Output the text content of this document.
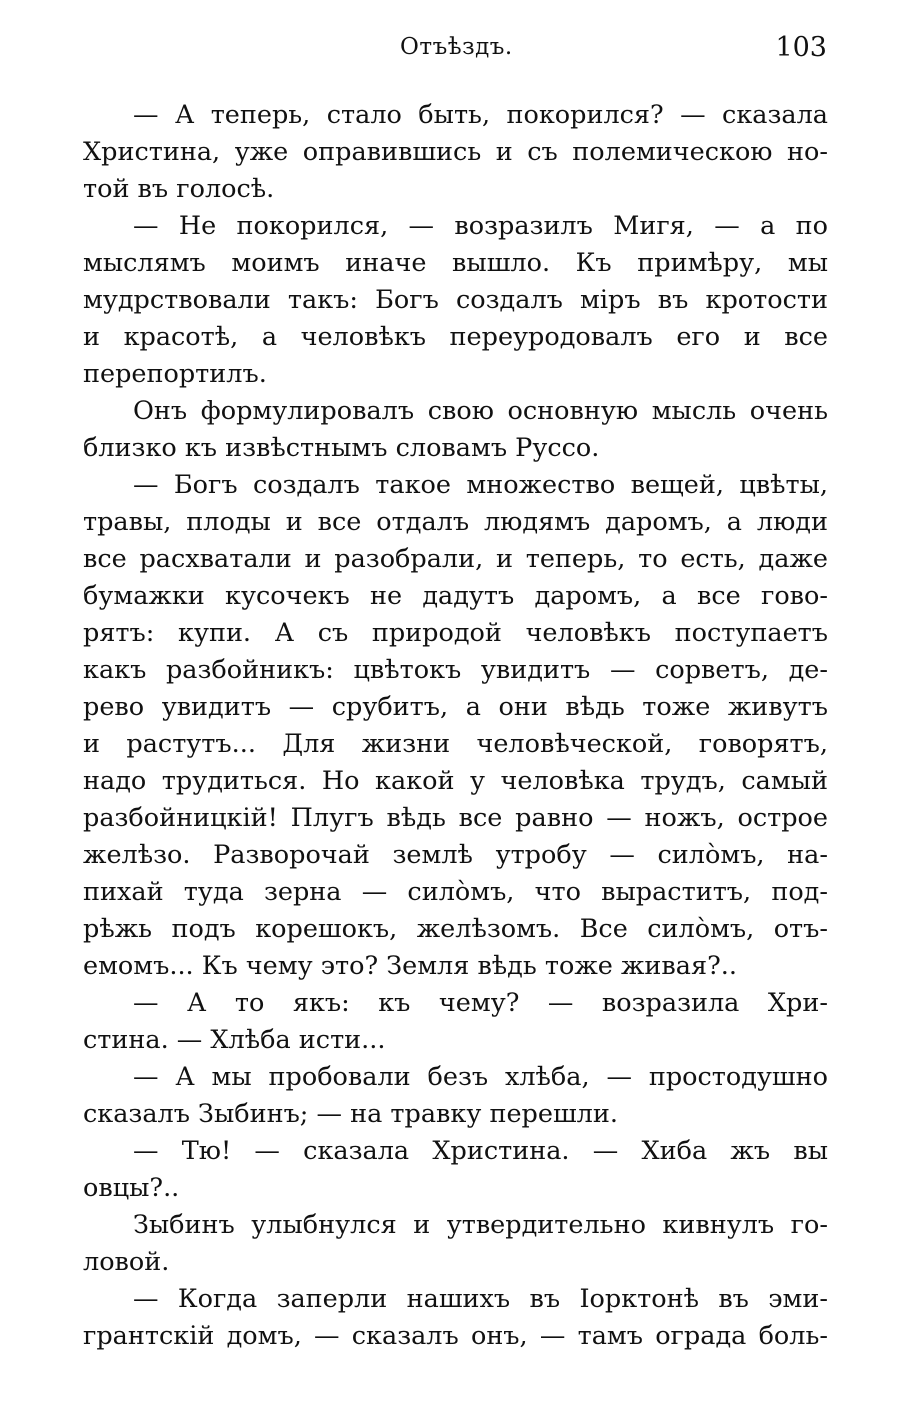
Отъѣздъ.	103
— А теперь, стало быть, покорился? — сказала
Христина, уже оправившись и съ полемическою но-
той въ голосѣ.
— Не покорился, — возразилъ Мигя, — а по
мыслямъ моимъ иначе вышло. Къ примѣру, мы
мудрствовали такъ: Богъ создалъ міръ въ кротости
и красотѣ, а человѣкъ переуродовалъ его и все
перепортилъ.
Онъ формулировалъ свою основную мысль очень
близко къ извѣстнымъ словамъ Руссо.
— Богъ создалъ такое множество вещей, цвѣты,
травы, плоды и все отдалъ людямъ даромъ, а люди
все расхватали и разобрали, и теперь, то есть, даже
бумажки кусочекъ не дадутъ даромъ, а все гово-
рятъ: купи. А съ природой человѣкъ поступаетъ
какъ разбойникъ: цвѣтокъ увидитъ — сорветъ, де-
рево увидитъ — срубитъ, а они вѣдь тоже живутъ
и растутъ... Для жизни человѣческой, говорятъ,
надо трудиться. Но какой у человѣка трудъ, самый
разбойницкій! Плугъ вѣдь все равно — ножъ, острое
желѣзо. Разворочай землѣ утробу — силòмъ, на-
пихай туда зерна — силòмъ, что выраститъ, под-
рѣжь подъ корешокъ, желѣзомъ. Все силòмъ, отъ-
емомъ... Къ чему это? Земля вѣдь тоже живая?..
— А то якъ: къ чему? — возразила Хри-
стина. — Хлѣба исти...
— А мы пробовали безъ хлѣба, — простодушно
сказалъ Зыбинъ; — на травку перешли.
— Тю! — сказала Христина. — Хиба жъ вы
овцы?..
Зыбинъ улыбнулся и утвердительно кивнулъ го-
ловой.
— Когда заперли нашихъ въ Іорктонѣ въ эми-
грантскій домъ, — сказалъ онъ, — тамъ ограда боль-
